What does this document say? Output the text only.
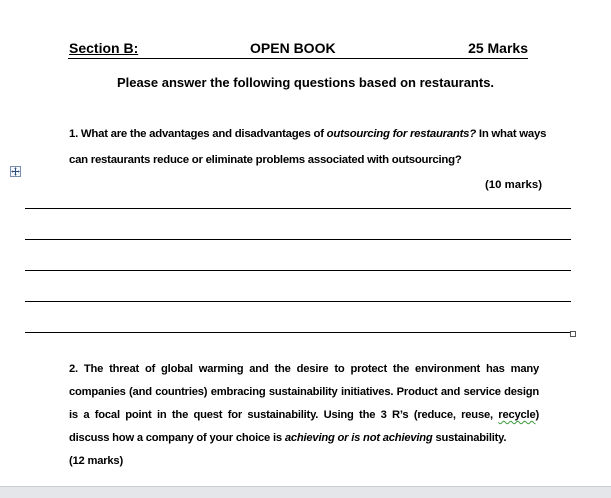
Section B:	OPEN BOOK	25 Marks
Please answer the following questions based on restaurants.
1. What are the advantages and disadvantages of outsourcing for restaurants? In what ways can restaurants reduce or eliminate problems associated with outsourcing?
(10 marks)
2. The threat of global warming and the desire to protect the environment has many companies (and countries) embracing sustainability initiatives. Product and service design is a focal point in the quest for sustainability. Using the 3 R’s (reduce, reuse, recycle) discuss how a company of your choice is achieving or is not achieving sustainability.
(12 marks)
